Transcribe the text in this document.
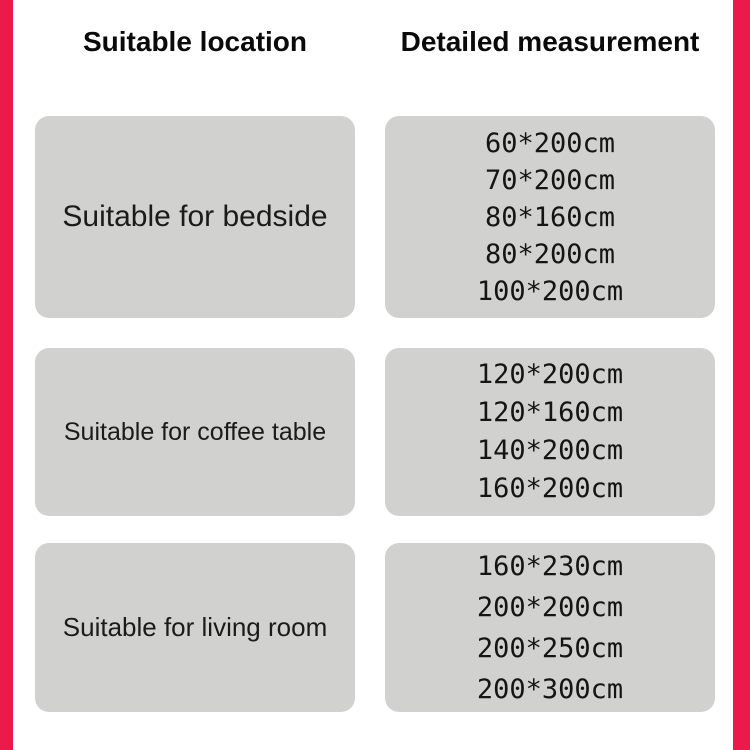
Suitable location	Detailed measurement
Suitable for bedside
60*200cm
70*200cm
80*160cm
80*200cm
100*200cm
Suitable for coffee table
120*200cm
120*160cm
140*200cm
160*200cm
Suitable for living room
160*230cm
200*200cm
200*250cm
200*300cm
